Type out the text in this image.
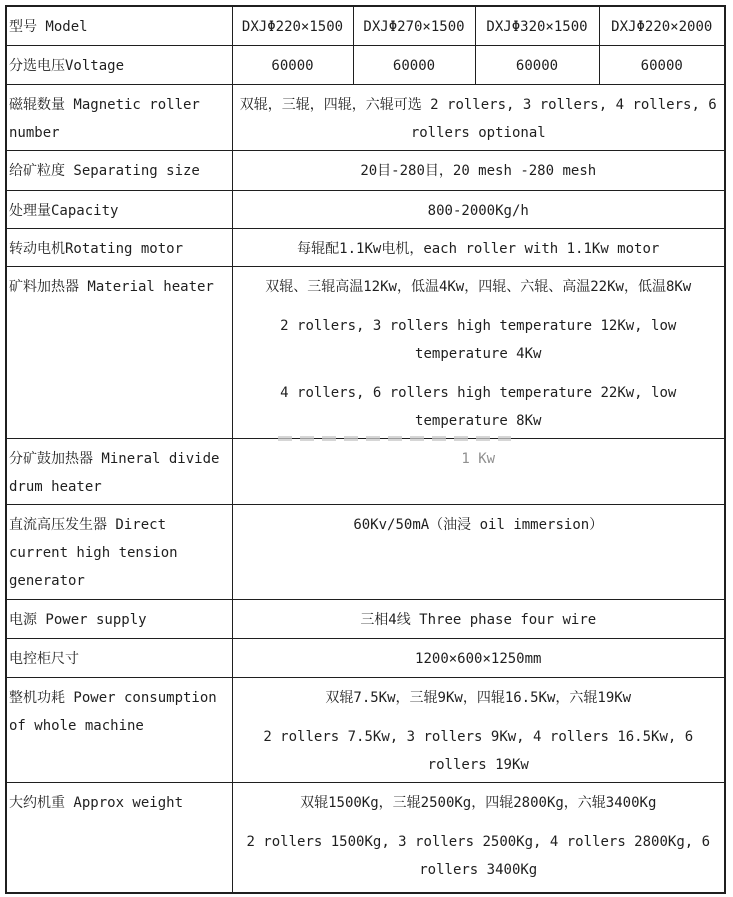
型号 Model	DXJΦ220×1500	DXJΦ270×1500	DXJΦ320×1500	DXJΦ220×2000
分选电压Voltage	60000	60000	60000	60000
磁辊数量 Magnetic roller number	双辊，三辊，四辊，六辊可选 2 rollers, 3 rollers, 4 rollers, 6 rollers optional			

给矿粒度 Separating size	20目-280目，20 mesh -280 mesh			

处理量Capacity	800-2000Kg/h			

转动电机Rotating motor	每辊配1.1Kw电机，each roller with 1.1Kw motor			

矿料加热器 Material heater	双辊、三辊高温12Kw，低温4Kw，四辊、六辊、高温22Kw，低温8Kw

2 rollers, 3 rollers high temperature 12Kw, low temperature 4Kw

4 rollers, 6 rollers high temperature 22Kw, low temperature 8Kw			

分矿鼓加热器 Mineral divide drum heater	1 Kw			

直流高压发生器 Direct current high tension generator	60Kv/50mA（油浸 oil immersion）			

电源 Power supply	三相4线 Three phase four wire			

电控柜尺寸	1200×600×1250mm			

整机功耗 Power consumption of whole machine	双辊7.5Kw，三辊9Kw，四辊16.5Kw，六辊19Kw

2 rollers 7.5Kw, 3 rollers 9Kw, 4 rollers 16.5Kw, 6 rollers 19Kw			

大约机重 Approx weight	双辊1500Kg，三辊2500Kg，四辊2800Kg，六辊3400Kg

2 rollers 1500Kg, 3 rollers 2500Kg, 4 rollers 2800Kg, 6 rollers 3400Kg			
